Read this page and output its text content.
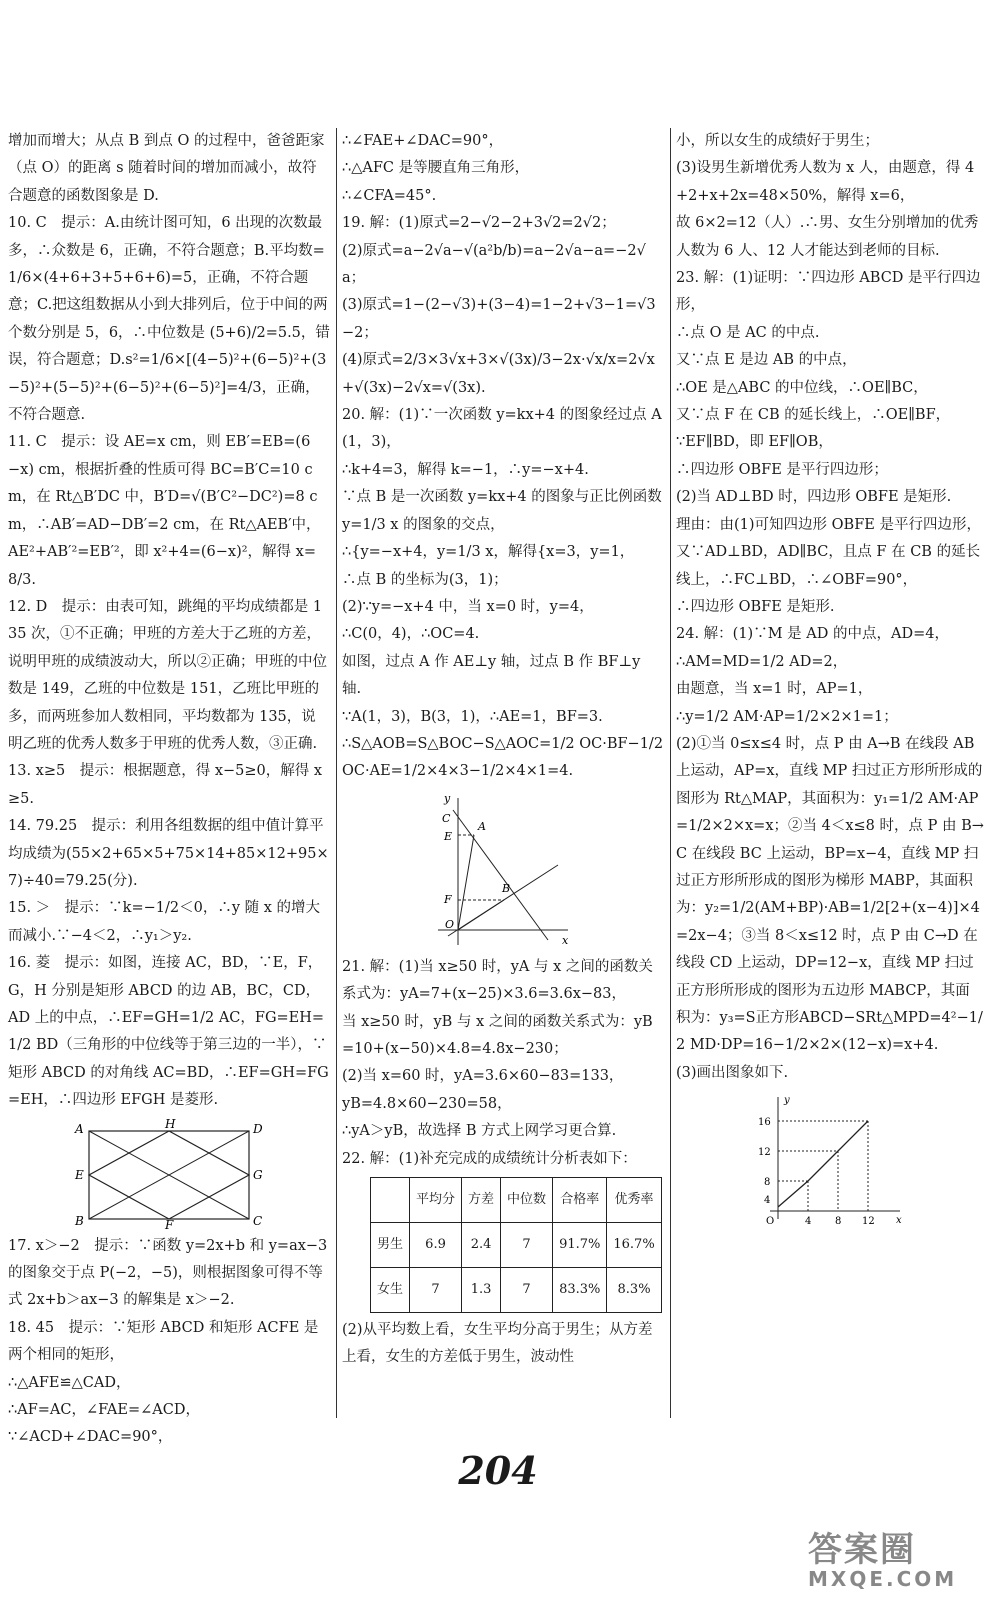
增加而增大；从点 B 到点 O 的过程中，爸爸距家（点 O）的距离 s 随着时间的增加而减小，故符合题意的函数图象是 D.

10. C　提示：A.由统计图可知，6 出现的次数最多，∴众数是 6，正确，不符合题意；B.平均数=1/6×(4+6+3+5+6+6)=5，正确，不符合题意；C.把这组数据从小到大排列后，位于中间的两个数分别是 5，6，∴中位数是 (5+6)/2=5.5，错误，符合题意；D.s²=1/6×[(4−5)²+(6−5)²+(3−5)²+(5−5)²+(6−5)²+(6−5)²]=4/3，正确，不符合题意.

11. C　提示：设 AE=x cm，则 EB′=EB=(6−x) cm，根据折叠的性质可得 BC=B′C=10 cm，在 Rt△B′DC 中，B′D=√(B′C²−DC²)=8 cm，∴AB′=AD−DB′=2 cm，在 Rt△AEB′中，AE²+AB′²=EB′²，即 x²+4=(6−x)²，解得 x=8/3.

12. D　提示：由表可知，跳绳的平均成绩都是 135 次，①不正确；甲班的方差大于乙班的方差，说明甲班的成绩波动大，所以②正确；甲班的中位数是 149，乙班的中位数是 151，乙班比甲班的多，而两班参加人数相同，平均数都为 135，说明乙班的优秀人数多于甲班的优秀人数，③正确.

13. x≥5　提示：根据题意，得 x−5≥0，解得 x≥5.

14. 79.25　提示：利用各组数据的组中值计算平均成绩为(55×2+65×5+75×14+85×12+95×7)÷40=79.25(分).

15. ＞　提示：∵k=−1/2＜0，∴y 随 x 的增大而减小.∵−4＜2，∴y₁＞y₂.

16. 菱　提示：如图，连接 AC，BD，∵E，F，G，H 分别是矩形 ABCD 的边 AB，BC，CD，AD 上的中点，∴EF=GH=1/2 AC，FG=EH=1/2 BD（三角形的中位线等于第三边的一半），∵矩形 ABCD 的对角线 AC=BD，∴EF=GH=FG=EH，∴四边形 EFGH 是菱形.

A	H	D
E	G
B	F	C

17. x＞−2　提示：∵函数 y=2x+b 和 y=ax−3 的图象交于点 P(−2，−5)，则根据图象可得不等式 2x+b＞ax−3 的解集是 x＞−2.

18. 45　提示：∵矩形 ABCD 和矩形 ACFE 是两个相同的矩形，

∴△AFE≌△CAD，

∴AF=AC，∠FAE=∠ACD，

∵∠ACD+∠DAC=90°，

∴∠FAE+∠DAC=90°，

∴△AFC 是等腰直角三角形，

∴∠CFA=45°.

19. 解：(1)原式=2−√2−2+3√2=2√2；

(2)原式=a−2√a−√(a²b/b)=a−2√a−a=−2√a；

(3)原式=1−(2−√3)+(3−4)=1−2+√3−1=√3−2；

(4)原式=2/3×3√x+3×√(3x)/3−2x·√x/x=2√x+√(3x)−2√x=√(3x).

20. 解：(1)∵一次函数 y=kx+4 的图象经过点 A(1，3)，

∴k+4=3，解得 k=−1，∴y=−x+4.

∵点 B 是一次函数 y=kx+4 的图象与正比例函数 y=1/3 x 的图象的交点，

∴{y=−x+4，y=1/3 x，解得{x=3，y=1，

∴点 B 的坐标为(3，1)；

(2)∵y=−x+4 中，当 x=0 时，y=4，

∴C(0，4)，∴OC=4.

如图，过点 A 作 AE⊥y 轴，过点 B 作 BF⊥y 轴.

∵A(1，3)，B(3，1)，∴AE=1，BF=3.

∴S△AOB=S△BOC−S△AOC=1/2 OC·BF−1/2 OC·AE=1/2×4×3−1/2×4×1=4.

y
x
C
A
E
F
B
O

21. 解：(1)当 x≥50 时，yA 与 x 之间的函数关系式为：yA=7+(x−25)×3.6=3.6x−83，

当 x≥50 时，yB 与 x 之间的函数关系式为：yB=10+(x−50)×4.8=4.8x−230；

(2)当 x=60 时，yA=3.6×60−83=133，

yB=4.8×60−230=58，

∴yA＞yB，故选择 B 方式上网学习更合算.

22. 解：(1)补充完成的成绩统计分析表如下：

	平均分	方差	中位数	合格率	优秀率
男生	6.9	2.4	7	91.7%	16.7%
女生	7	1.3	7	83.3%	8.3%

(2)从平均数上看，女生平均分高于男生；从方差上看，女生的方差低于男生，波动性

小，所以女生的成绩好于男生；

(3)设男生新增优秀人数为 x 人，由题意，得 4+2+x+2x=48×50%，解得 x=6，

故 6×2=12（人）.∴男、女生分别增加的优秀人数为 6 人、12 人才能达到老师的目标.

23. 解：(1)证明：∵四边形 ABCD 是平行四边形，

∴点 O 是 AC 的中点.

又∵点 E 是边 AB 的中点，

∴OE 是△ABC 的中位线，∴OE∥BC，

又∵点 F 在 CB 的延长线上，∴OE∥BF，

∵EF∥BD，即 EF∥OB，

∴四边形 OBFE 是平行四边形；

(2)当 AD⊥BD 时，四边形 OBFE 是矩形.

理由：由(1)可知四边形 OBFE 是平行四边形，又∵AD⊥BD，AD∥BC，且点 F 在 CB 的延长线上，∴FC⊥BD，∴∠OBF=90°，

∴四边形 OBFE 是矩形.

24. 解：(1)∵M 是 AD 的中点，AD=4，

∴AM=MD=1/2 AD=2，

由题意，当 x=1 时，AP=1，

∴y=1/2 AM·AP=1/2×2×1=1；

(2)①当 0≤x≤4 时，点 P 由 A→B 在线段 AB 上运动，AP=x，直线 MP 扫过正方形所形成的图形为 Rt△MAP，其面积为：y₁=1/2 AM·AP=1/2×2×x=x；②当 4＜x≤8 时，点 P 由 B→C 在线段 BC 上运动，BP=x−4，直线 MP 扫过正方形所形成的图形为梯形 MABP，其面积为：y₂=1/2(AM+BP)·AB=1/2[2+(x−4)]×4=2x−4；③当 8＜x≤12 时，点 P 由 C→D 在线段 CD 上运动，DP=12−x，直线 MP 扫过正方形所形成的图形为五边形 MABCP，其面积为：y₃=S正方形ABCD−SRt△MPD=4²−1/2 MD·DP=16−1/2×2×(12−x)=x+4.

(3)画出图象如下.

y
x
O
16
12
8
4
4 8 12
204
答案圈
MXQE.COM
